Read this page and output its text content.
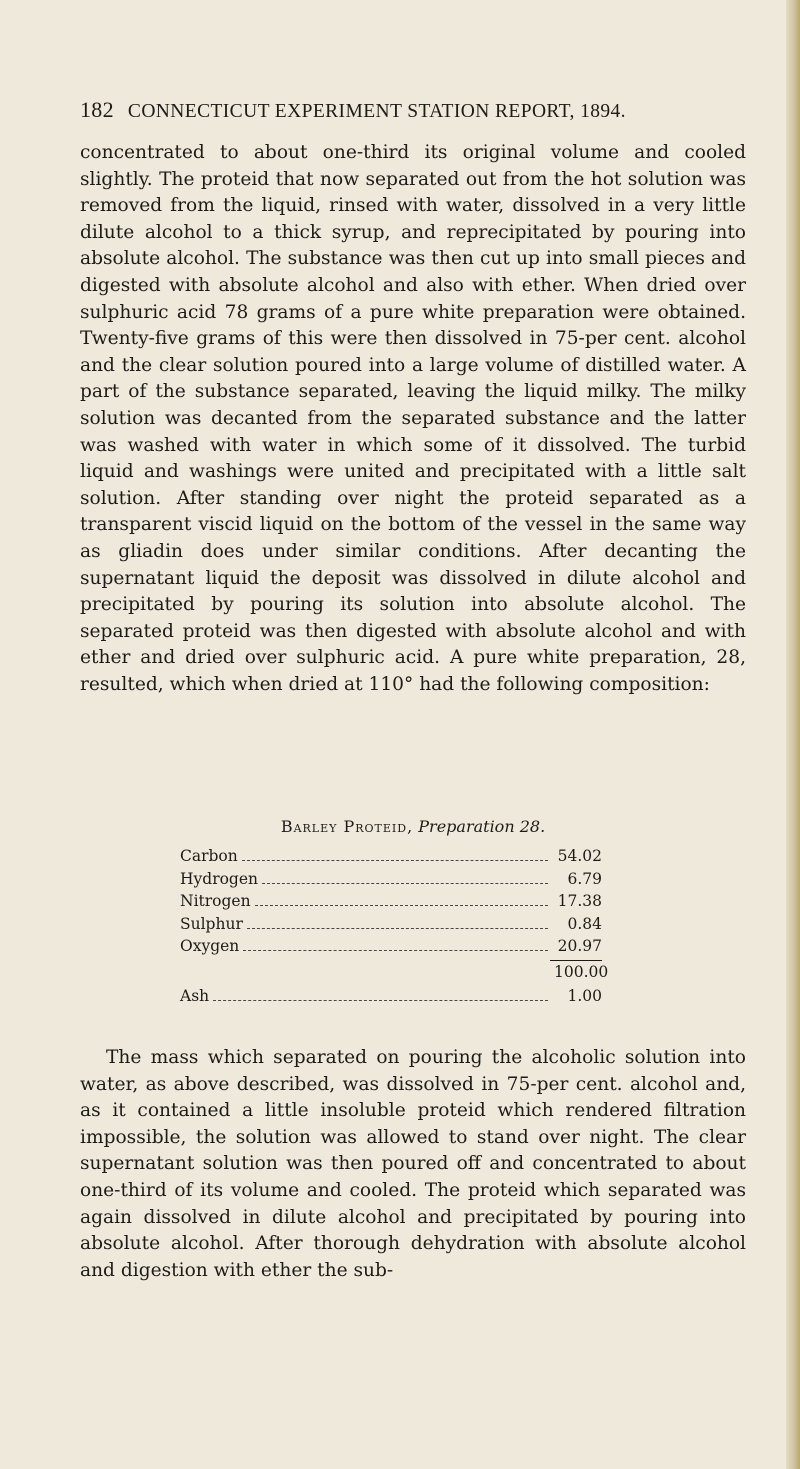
182 CONNECTICUT EXPERIMENT STATION REPORT, 1894.

concentrated to about one-third its original volume and cooled slightly. The proteid that now separated out from the hot solution was removed from the liquid, rinsed with water, dissolved in a very little dilute alcohol to a thick syrup, and reprecipitated by pouring into absolute alcohol. The substance was then cut up into small pieces and digested with absolute alcohol and also with ether. When dried over sulphuric acid 78 grams of a pure white preparation were obtained. Twenty-five grams of this were then dissolved in 75-per cent. alcohol and the clear solution poured into a large volume of distilled water. A part of the substance separated, leaving the liquid milky. The milky solution was decanted from the separated substance and the latter was washed with water in which some of it dissolved. The turbid liquid and washings were united and precipitated with a little salt solution. After standing over night the proteid separated as a transparent viscid liquid on the bottom of the vessel in the same way as gliadin does under similar conditions. After decanting the supernatant liquid the deposit was dissolved in dilute alcohol and precipitated by pouring its solution into absolute alcohol. The separated proteid was then digested with absolute alcohol and with ether and dried over sulphuric acid. A pure white preparation, 28, resulted, which when dried at 110° had the following composition:

Barley Proteid, Preparation 28.
Carbon	54.02
Hydrogen	6.79
Nitrogen	17.38
Sulphur	0.84
Oxygen	20.97
100.00
Ash	1.00

The mass which separated on pouring the alcoholic solution into water, as above described, was dissolved in 75-per cent. alcohol and, as it contained a little insoluble proteid which rendered filtration impossible, the solution was allowed to stand over night. The clear supernatant solution was then poured off and concentrated to about one-third of its volume and cooled. The proteid which separated was again dissolved in dilute alcohol and precipitated by pouring into absolute alcohol. After thorough dehydration with absolute alcohol and digestion with ether the sub-
